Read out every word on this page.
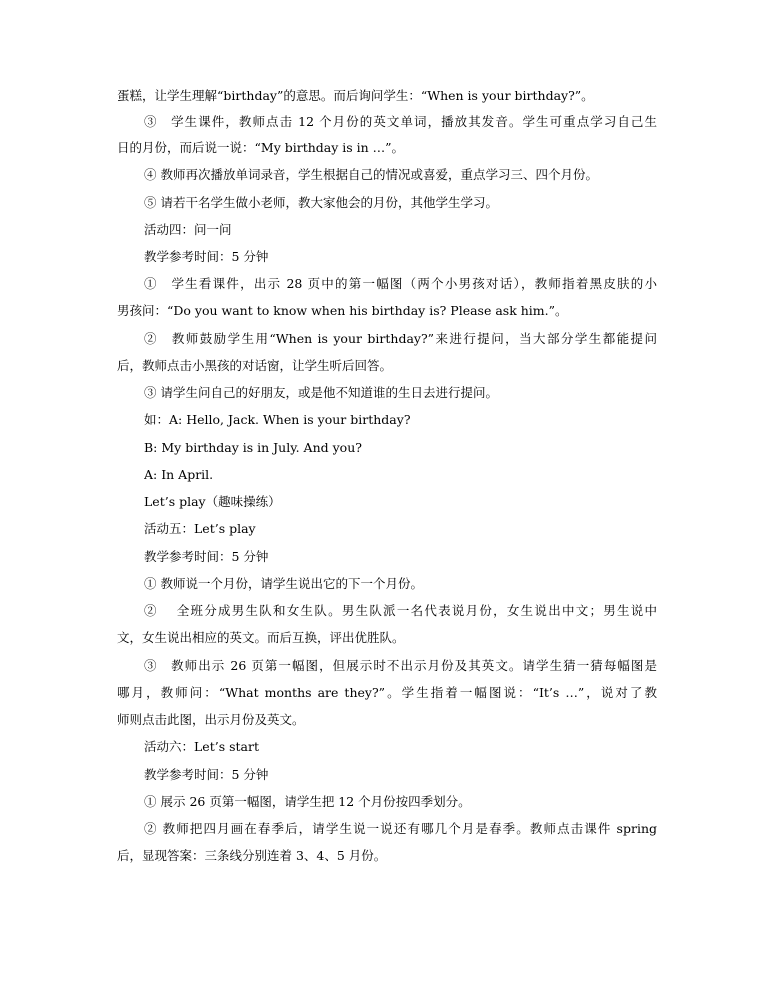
蛋糕，让学生理解“birthday”的意思。而后询问学生：“When is your birthday?”。
③　学生课件，教师点击 12 个月份的英文单词，播放其发音。学生可重点学习自己生
日的月份，而后说一说：“My birthday is in …”。
④ 教师再次播放单词录音，学生根据自己的情况或喜爱，重点学习三、四个月份。
⑤ 请若干名学生做小老师，教大家他会的月份，其他学生学习。
活动四：问一问
教学参考时间：5 分钟
①　学生看课件，出示 28 页中的第一幅图（两个小男孩对话），教师指着黑皮肤的小
男孩问：“Do you want to know when his birthday is? Please ask him.”。
②　教师鼓励学生用“When is your birthday?”来进行提问，当大部分学生都能提问
后，教师点击小黑孩的对话窗，让学生听后回答。
③ 请学生问自己的好朋友，或是他不知道谁的生日去进行提问。
如：A: Hello, Jack. When is your birthday?
B: My birthday is in July. And you?
A: In April.
Let’s play（趣味操练）
活动五：Let’s play
教学参考时间：5 分钟
① 教师说一个月份，请学生说出它的下一个月份。
②　 全班分成男生队和女生队。男生队派一名代表说月份，女生说出中文；男生说中
文，女生说出相应的英文。而后互换，评出优胜队。
③　教师出示 26 页第一幅图，但展示时不出示月份及其英文。请学生猜一猜每幅图是
哪月，教师问：“What months are they?”。学生指着一幅图说：“It’s …”，说对了教
师则点击此图，出示月份及英文。
活动六：Let’s start
教学参考时间：5 分钟
① 展示 26 页第一幅图，请学生把 12 个月份按四季划分。
② 教师把四月画在春季后，请学生说一说还有哪几个月是春季。教师点击课件 spring
后，显现答案：三条线分别连着 3、4、5 月份。
